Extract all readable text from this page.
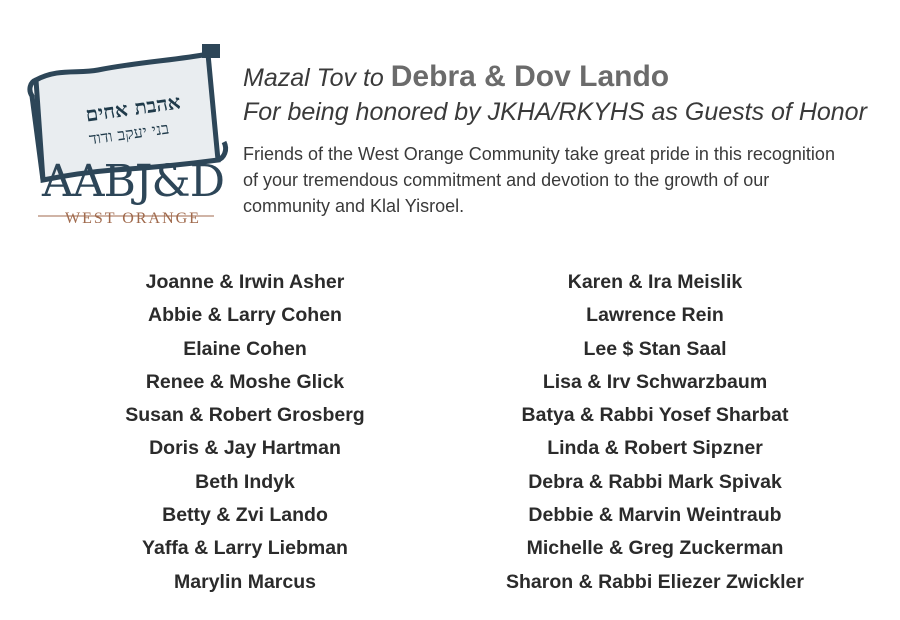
אהבת אחים
בני יעקב ודוד
AABJ&D
WEST ORANGE
Mazal Tov to Debra & Dov Lando
For being honored by JKHA/RKYHS as Guests of Honor
Friends of the West Orange Community take great pride in this recognition of your tremendous commitment and devotion to the growth of our community and Klal Yisroel.
Joanne & Irwin Asher
Abbie & Larry Cohen
Elaine Cohen
Renee & Moshe Glick
Susan & Robert Grosberg
Doris & Jay Hartman
Beth Indyk
Betty & Zvi Lando
Yaffa & Larry Liebman
Marylin Marcus
Karen & Ira Meislik
Lawrence Rein
Lee $ Stan Saal
Lisa & Irv Schwarzbaum
Batya & Rabbi Yosef Sharbat
Linda & Robert Sipzner
Debra & Rabbi Mark Spivak
Debbie & Marvin Weintraub
Michelle & Greg Zuckerman
Sharon & Rabbi Eliezer Zwickler
